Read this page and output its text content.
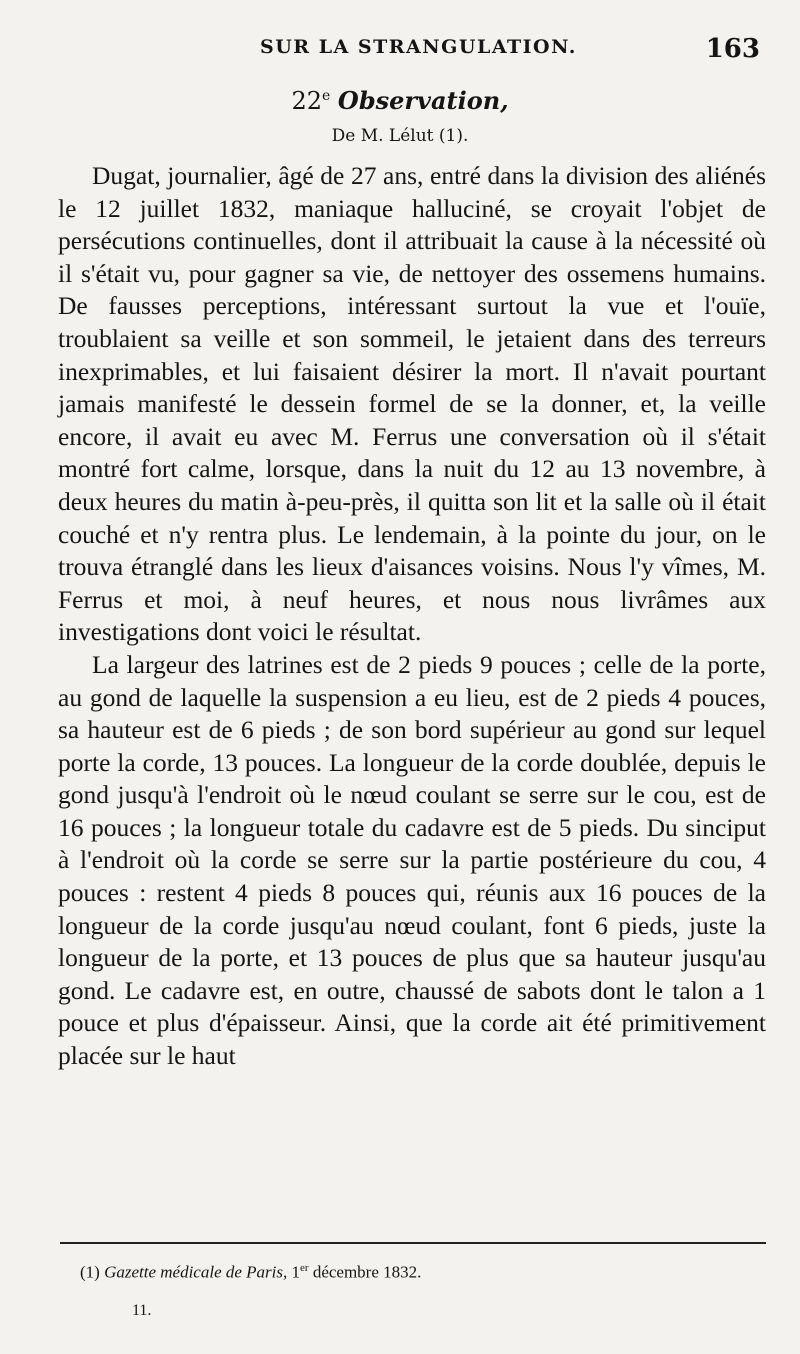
SUR LA STRANGULATION.	163
22e Observation,
De M. Lélut (1).

Dugat, journalier, âgé de 27 ans, entré dans la division des aliénés le 12 juillet 1832, maniaque halluciné, se croyait l'objet de persécutions continuelles, dont il attribuait la cause à la nécessité où il s'était vu, pour gagner sa vie, de nettoyer des ossemens humains. De fausses perceptions, intéressant surtout la vue et l'ouïe, troublaient sa veille et son sommeil, le jetaient dans des terreurs inexprimables, et lui faisaient désirer la mort. Il n'avait pourtant jamais manifesté le dessein formel de se la donner, et, la veille encore, il avait eu avec M. Ferrus une conversation où il s'était montré fort calme, lorsque, dans la nuit du 12 au 13 novembre, à deux heures du matin à-peu-près, il quitta son lit et la salle où il était couché et n'y rentra plus. Le lendemain, à la pointe du jour, on le trouva étranglé dans les lieux d'aisances voisins. Nous l'y vîmes, M. Ferrus et moi, à neuf heures, et nous nous livrâmes aux investigations dont voici le résultat.

La largeur des latrines est de 2 pieds 9 pouces ; celle de la porte, au gond de laquelle la suspension a eu lieu, est de 2 pieds 4 pouces, sa hauteur est de 6 pieds ; de son bord supérieur au gond sur lequel porte la corde, 13 pouces. La longueur de la corde doublée, depuis le gond jusqu'à l'endroit où le nœud coulant se serre sur le cou, est de 16 pouces ; la longueur totale du cadavre est de 5 pieds. Du sinciput à l'endroit où la corde se serre sur la partie postérieure du cou, 4 pouces : restent 4 pieds 8 pouces qui, réunis aux 16 pouces de la longueur de la corde jusqu'au nœud coulant, font 6 pieds, juste la longueur de la porte, et 13 pouces de plus que sa hauteur jusqu'au gond. Le cadavre est, en outre, chaussé de sabots dont le talon a 1 pouce et plus d'épaisseur. Ainsi, que la corde ait été primitivement placée sur le haut

(1) Gazette médicale de Paris, 1er décembre 1832.
11.
